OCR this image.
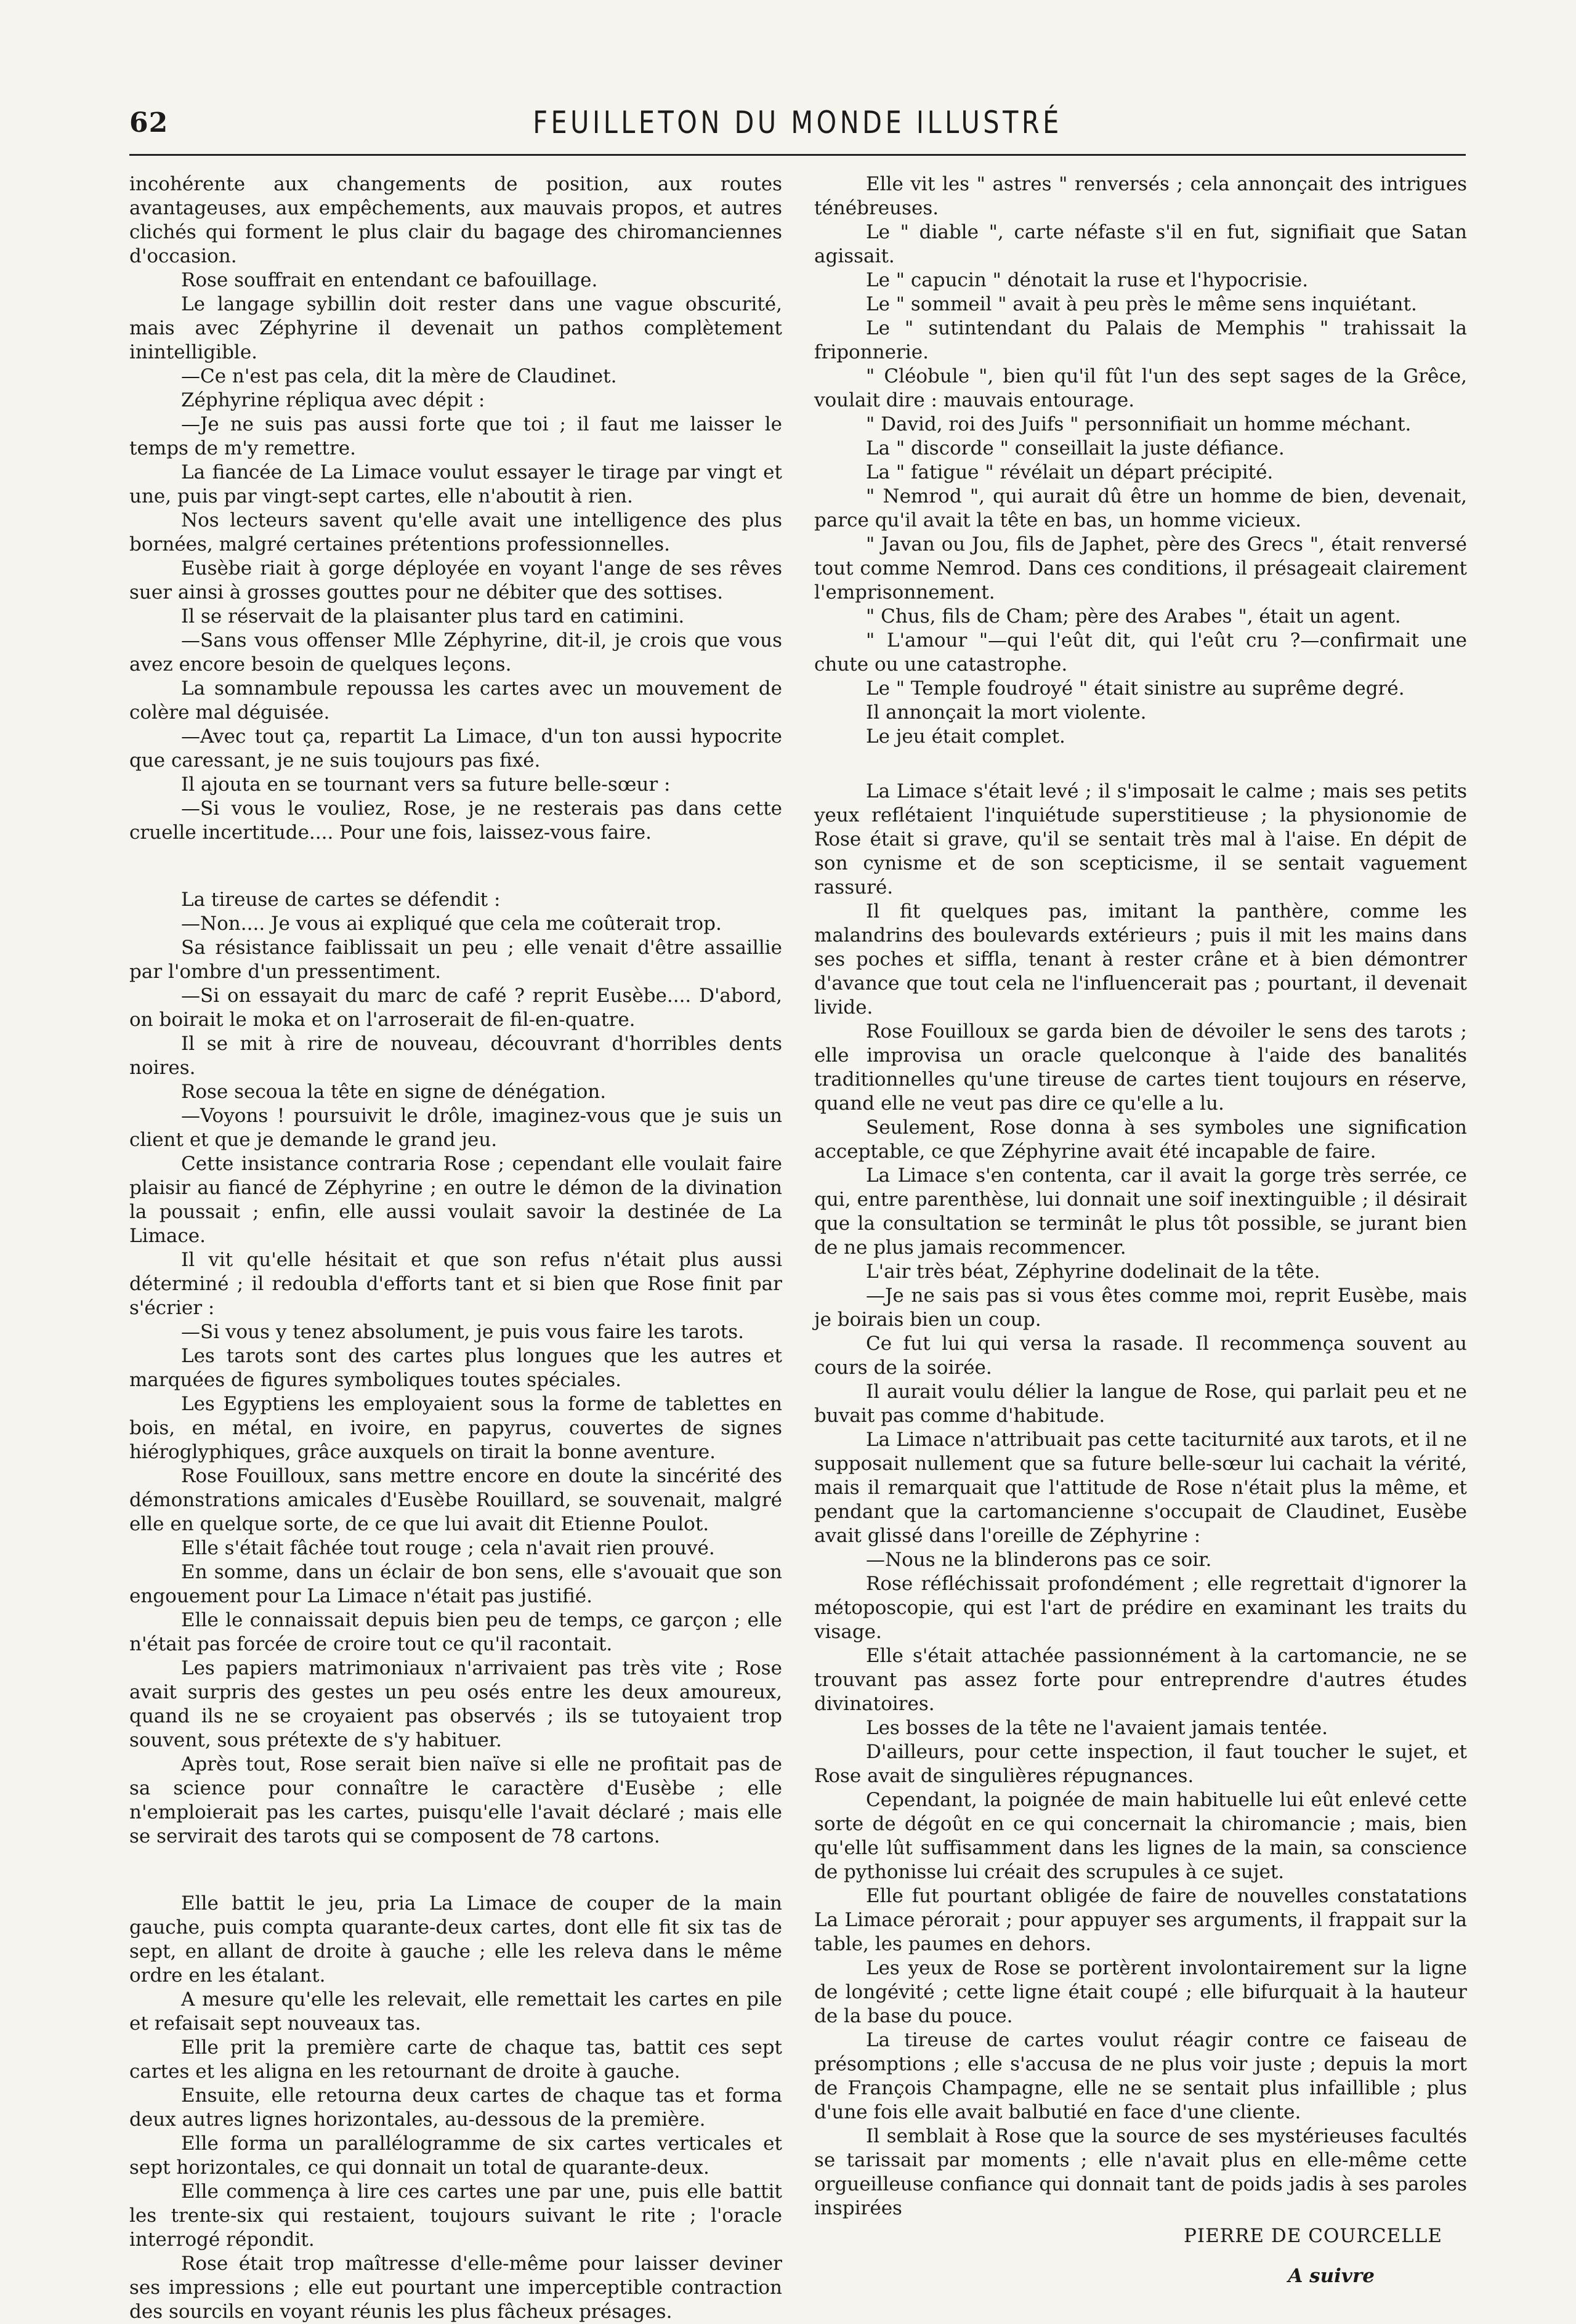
62	FEUILLETON DU MONDE ILLUSTRÉ

incohérente aux changements de position, aux routes avantageuses, aux empêchements, aux mauvais propos, et autres clichés qui forment le plus clair du bagage des chiromanciennes d'occasion.

Rose souffrait en entendant ce bafouillage.

Le langage sybillin doit rester dans une vague obscurité, mais avec Zéphyrine il devenait un pathos complètement inintelligible.

—Ce n'est pas cela, dit la mère de Claudinet.

Zéphyrine répliqua avec dépit :

—Je ne suis pas aussi forte que toi ; il faut me laisser le temps de m'y remettre.

La fiancée de La Limace voulut essayer le tirage par vingt et une, puis par vingt-sept cartes, elle n'aboutit à rien.

Nos lecteurs savent qu'elle avait une intelligence des plus bornées, malgré certaines prétentions professionnelles.

Eusèbe riait à gorge déployée en voyant l'ange de ses rêves suer ainsi à grosses gouttes pour ne débiter que des sottises.

Il se réservait de la plaisanter plus tard en catimini.

—Sans vous offenser Mlle Zéphyrine, dit-il, je crois que vous avez encore besoin de quelques leçons.

La somnambule repoussa les cartes avec un mouvement de colère mal déguisée.

—Avec tout ça, repartit La Limace, d'un ton aussi hypocrite que caressant, je ne suis toujours pas fixé.

Il ajouta en se tournant vers sa future belle-sœur :

—Si vous le vouliez, Rose, je ne resterais pas dans cette cruelle incertitude.... Pour une fois, laissez-vous faire.

La tireuse de cartes se défendit :

—Non.... Je vous ai expliqué que cela me coûterait trop.

Sa résistance faiblissait un peu ; elle venait d'être assaillie par l'ombre d'un pressentiment.

—Si on essayait du marc de café ? reprit Eusèbe.... D'abord, on boirait le moka et on l'arroserait de fil-en-quatre.

Il se mit à rire de nouveau, découvrant d'horribles dents noires.

Rose secoua la tête en signe de dénégation.

—Voyons ! poursuivit le drôle, imaginez-vous que je suis un client et que je demande le grand jeu.

Cette insistance contraria Rose ; cependant elle voulait faire plaisir au fiancé de Zéphyrine ; en outre le démon de la divination la poussait ; enfin, elle aussi voulait savoir la destinée de La Limace.

Il vit qu'elle hésitait et que son refus n'était plus aussi déterminé ; il redoubla d'efforts tant et si bien que Rose finit par s'écrier :

—Si vous y tenez absolument, je puis vous faire les tarots.

Les tarots sont des cartes plus longues que les autres et marquées de figures symboliques toutes spéciales.

Les Egyptiens les employaient sous la forme de tablettes en bois, en métal, en ivoire, en papyrus, couvertes de signes hiéroglyphiques, grâce auxquels on tirait la bonne aventure.

Rose Fouilloux, sans mettre encore en doute la sincérité des démonstrations amicales d'Eusèbe Rouillard, se souvenait, malgré elle en quelque sorte, de ce que lui avait dit Etienne Poulot.

Elle s'était fâchée tout rouge ; cela n'avait rien prouvé.

En somme, dans un éclair de bon sens, elle s'avouait que son engouement pour La Limace n'était pas justifié.

Elle le connaissait depuis bien peu de temps, ce garçon ; elle n'était pas forcée de croire tout ce qu'il racontait.

Les papiers matrimoniaux n'arrivaient pas très vite ; Rose avait surpris des gestes un peu osés entre les deux amoureux, quand ils ne se croyaient pas observés ; ils se tutoyaient trop souvent, sous prétexte de s'y habituer.

Après tout, Rose serait bien naïve si elle ne profitait pas de sa science pour connaître le caractère d'Eusèbe ; elle n'emploierait pas les cartes, puisqu'elle l'avait déclaré ; mais elle se servirait des tarots qui se composent de 78 cartons.

Elle battit le jeu, pria La Limace de couper de la main gauche, puis compta quarante-deux cartes, dont elle fit six tas de sept, en allant de droite à gauche ; elle les releva dans le même ordre en les étalant.

A mesure qu'elle les relevait, elle remettait les cartes en pile et refaisait sept nouveaux tas.

Elle prit la première carte de chaque tas, battit ces sept cartes et les aligna en les retournant de droite à gauche.

Ensuite, elle retourna deux cartes de chaque tas et forma deux autres lignes horizontales, au-dessous de la première.

Elle forma un parallélogramme de six cartes verticales et sept horizontales, ce qui donnait un total de quarante-deux.

Elle commença à lire ces cartes une par une, puis elle battit les trente-six qui restaient, toujours suivant le rite ; l'oracle interrogé répondit.

Rose était trop maîtresse d'elle-même pour laisser deviner ses impressions ; elle eut pourtant une imperceptible contraction des sourcils en voyant réunis les plus fâcheux présages.

Elle vit les " astres " renversés ; cela annonçait des intrigues ténébreuses.

Le " diable ", carte néfaste s'il en fut, signifiait que Satan agissait.

Le " capucin " dénotait la ruse et l'hypocrisie.

Le " sommeil " avait à peu près le même sens inquiétant.

Le " sutintendant du Palais de Memphis " trahissait la friponnerie.

" Cléobule ", bien qu'il fût l'un des sept sages de la Grêce, voulait dire : mauvais entourage.

" David, roi des Juifs " personnifiait un homme méchant.

La " discorde " conseillait la juste défiance.

La " fatigue " révélait un départ précipité.

" Nemrod ", qui aurait dû être un homme de bien, devenait, parce qu'il avait la tête en bas, un homme vicieux.

" Javan ou Jou, fils de Japhet, père des Grecs ", était renversé tout comme Nemrod. Dans ces conditions, il présageait clairement l'emprisonnement.

" Chus, fils de Cham; père des Arabes ", était un agent.

" L'amour "—qui l'eût dit, qui l'eût cru ?—confirmait une chute ou une catastrophe.

Le " Temple foudroyé " était sinistre au suprême degré.

Il annonçait la mort violente.

Le jeu était complet.

La Limace s'était levé ; il s'imposait le calme ; mais ses petits yeux reflétaient l'inquiétude superstitieuse ; la physionomie de Rose était si grave, qu'il se sentait très mal à l'aise. En dépit de son cynisme et de son scepticisme, il se sentait vaguement rassuré.

Il fit quelques pas, imitant la panthère, comme les malandrins des boulevards extérieurs ; puis il mit les mains dans ses poches et siffla, tenant à rester crâne et à bien démontrer d'avance que tout cela ne l'influencerait pas ; pourtant, il devenait livide.

Rose Fouilloux se garda bien de dévoiler le sens des tarots ; elle improvisa un oracle quelconque à l'aide des banalités traditionnelles qu'une tireuse de cartes tient toujours en réserve, quand elle ne veut pas dire ce qu'elle a lu.

Seulement, Rose donna à ses symboles une signification acceptable, ce que Zéphyrine avait été incapable de faire.

La Limace s'en contenta, car il avait la gorge très serrée, ce qui, entre parenthèse, lui donnait une soif inextinguible ; il désirait que la consultation se terminât le plus tôt possible, se jurant bien de ne plus jamais recommencer.

L'air très béat, Zéphyrine dodelinait de la tête.

—Je ne sais pas si vous êtes comme moi, reprit Eusèbe, mais je boirais bien un coup.

Ce fut lui qui versa la rasade. Il recommença souvent au cours de la soirée.

Il aurait voulu délier la langue de Rose, qui parlait peu et ne buvait pas comme d'habitude.

La Limace n'attribuait pas cette taciturnité aux tarots, et il ne supposait nullement que sa future belle-sœur lui cachait la vérité, mais il remarquait que l'attitude de Rose n'était plus la même, et pendant que la cartomancienne s'occupait de Claudinet, Eusèbe avait glissé dans l'oreille de Zéphyrine :

—Nous ne la blinderons pas ce soir.

Rose réfléchissait profondément ; elle regrettait d'ignorer la métoposcopie, qui est l'art de prédire en examinant les traits du visage.

Elle s'était attachée passionnément à la cartomancie, ne se trouvant pas assez forte pour entreprendre d'autres études divinatoires.

Les bosses de la tête ne l'avaient jamais tentée.

D'ailleurs, pour cette inspection, il faut toucher le sujet, et Rose avait de singulières répugnances.

Cependant, la poignée de main habituelle lui eût enlevé cette sorte de dégoût en ce qui concernait la chiromancie ; mais, bien qu'elle lût suffisamment dans les lignes de la main, sa conscience de pythonisse lui créait des scrupules à ce sujet.

Elle fut pourtant obligée de faire de nouvelles constatations La Limace pérorait ; pour appuyer ses arguments, il frappait sur la table, les paumes en dehors.

Les yeux de Rose se portèrent involontairement sur la ligne de longévité ; cette ligne était coupé ; elle bifurquait à la hauteur de la base du pouce.

La tireuse de cartes voulut réagir contre ce faiseau de présomptions ; elle s'accusa de ne plus voir juste ; depuis la mort de François Champagne, elle ne se sentait plus infaillible ; plus d'une fois elle avait balbutié en face d'une cliente.

Il semblait à Rose que la source de ses mystérieuses facultés se tarissait par moments ; elle n'avait plus en elle-même cette orgueilleuse confiance qui donnait tant de poids jadis à ses paroles inspirées

PIERRE DE COURCELLE
A suivre
